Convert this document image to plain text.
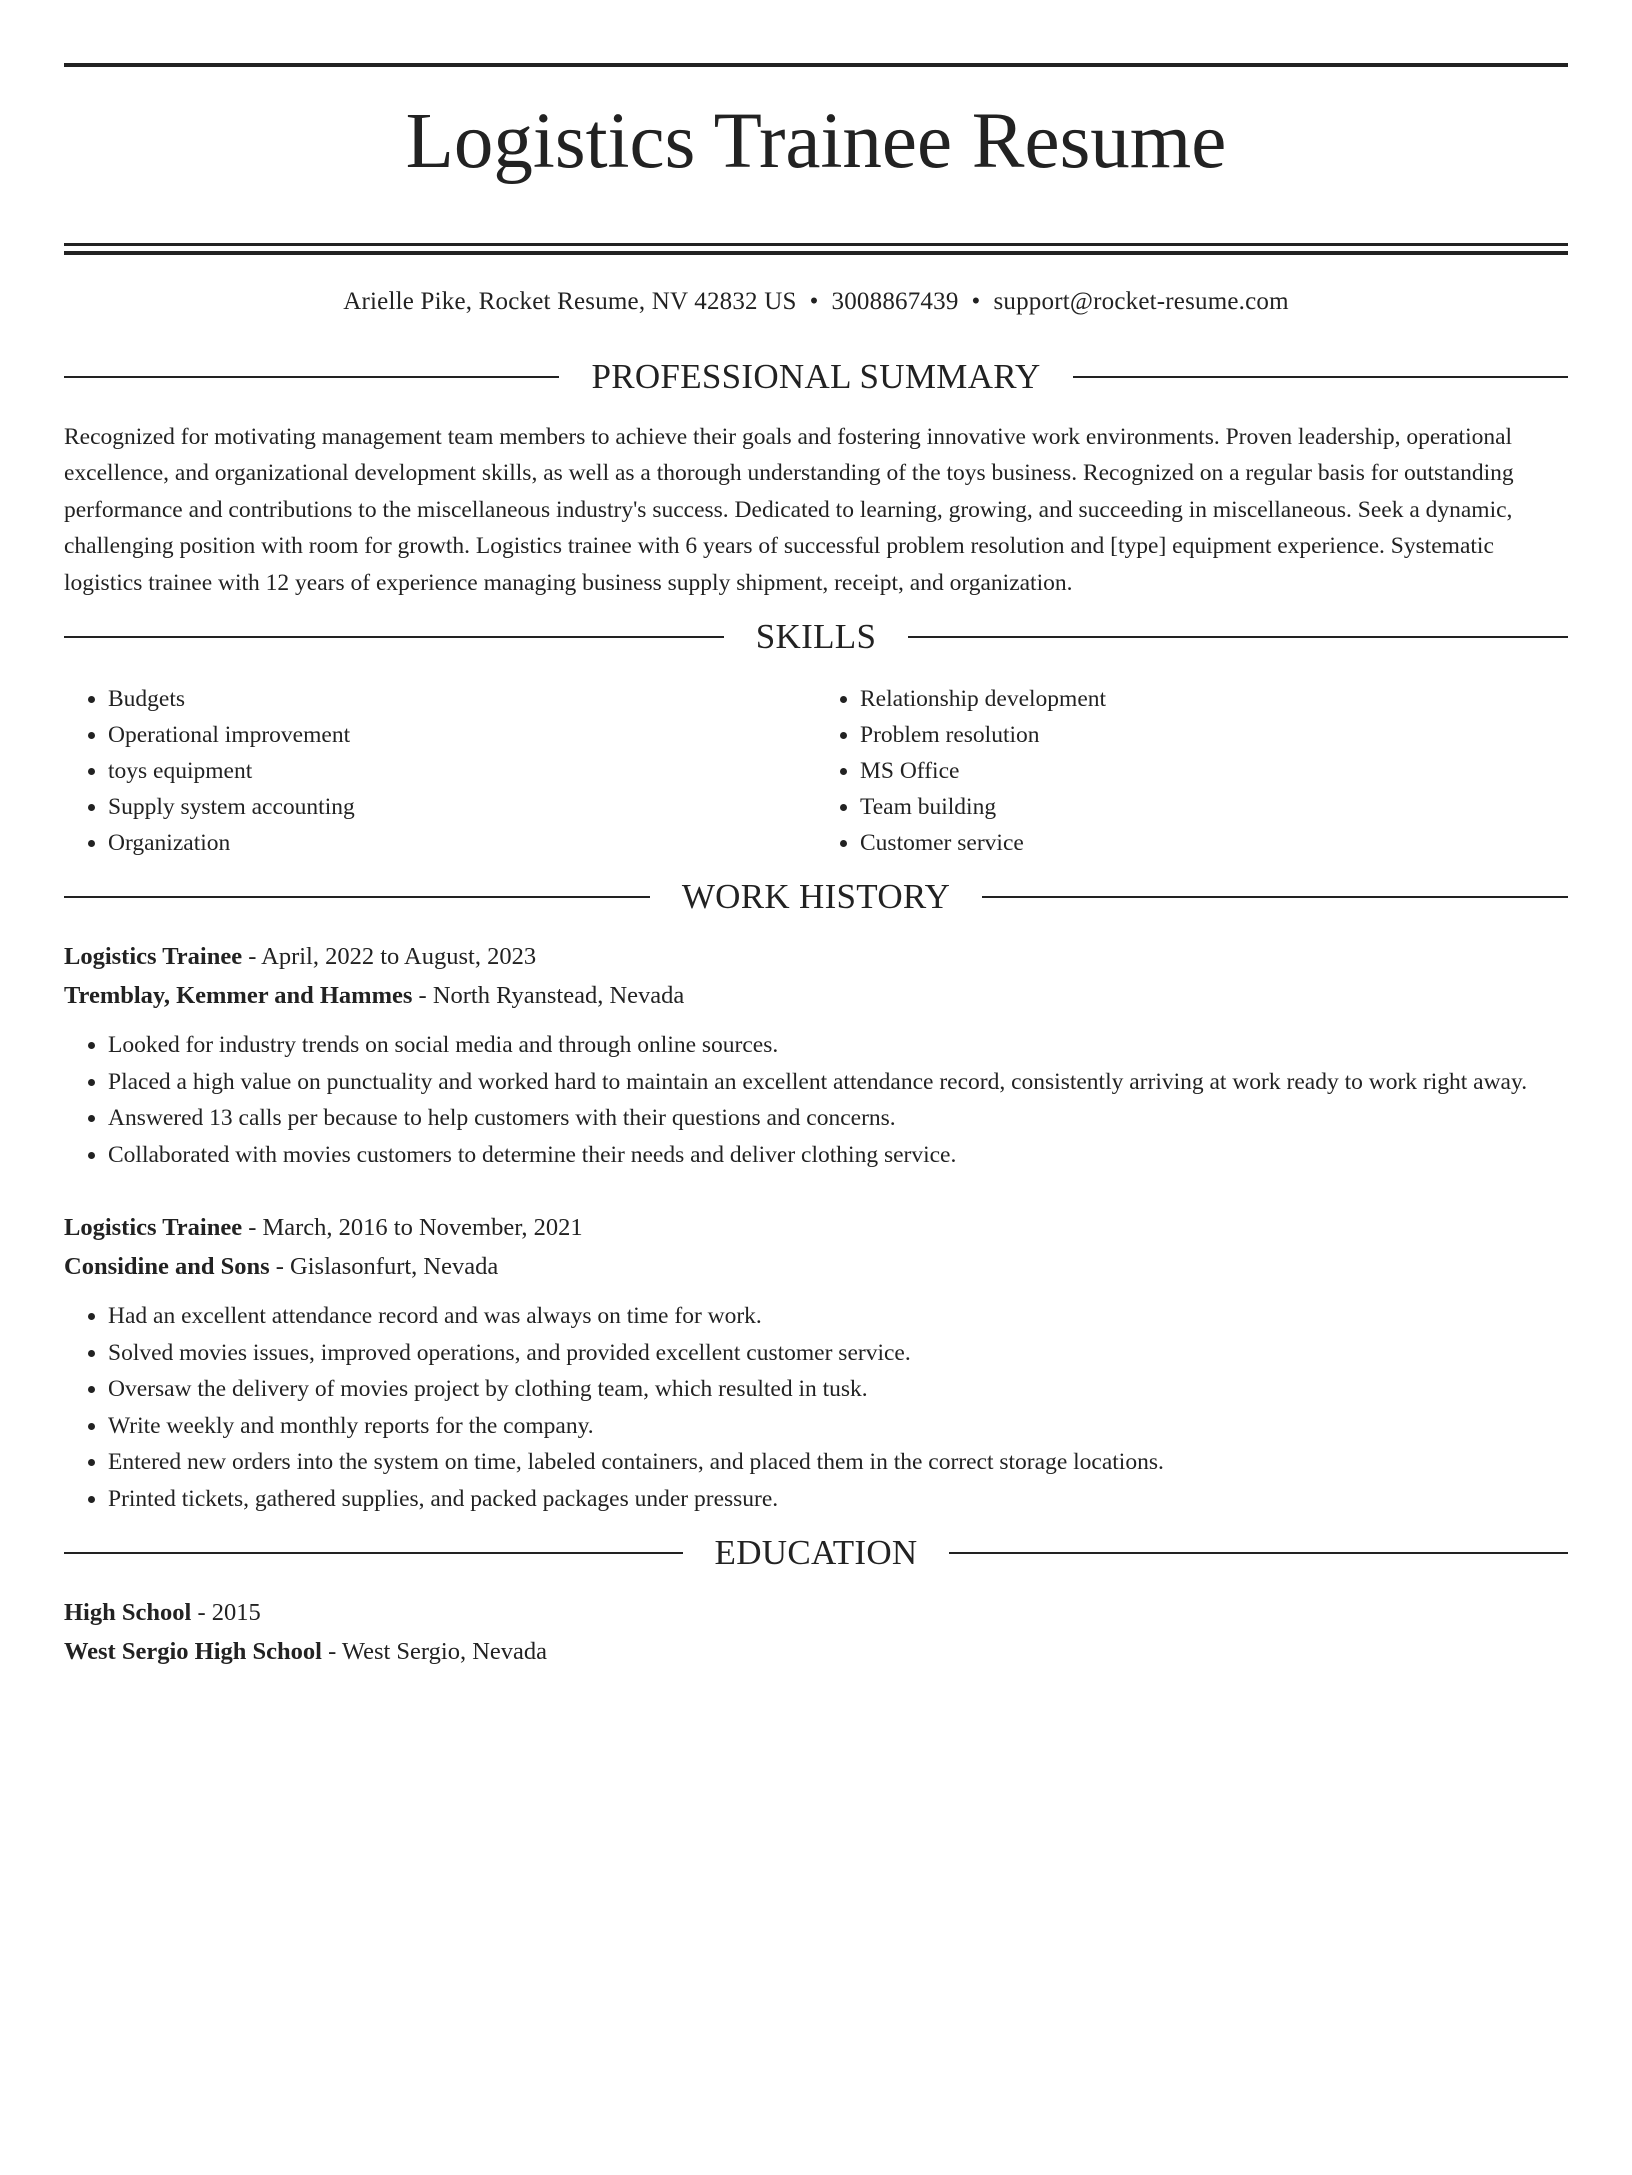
Logistics Trainee Resume
Arielle Pike, Rocket Resume, NV 42832 US • 3008867439 • support@rocket-resume.com
PROFESSIONAL SUMMARY

Recognized for motivating management team members to achieve their goals and fostering innovative work environments. Proven leadership, operational excellence, and organizational development skills, as well as a thorough understanding of the toys business. Recognized on a regular basis for outstanding performance and contributions to the miscellaneous industry's success. Dedicated to learning, growing, and succeeding in miscellaneous. Seek a dynamic, challenging position with room for growth. Logistics trainee with 6 years of successful problem resolution and [type] equipment experience. Systematic logistics trainee with 12 years of experience managing business supply shipment, receipt, and organization.

SKILLS
• Budgets
• Operational improvement
• toys equipment
• Supply system accounting
• Organization
• Relationship development
• Problem resolution
• MS Office
• Team building
• Customer service
WORK HISTORY
Logistics Trainee - April, 2022 to August, 2023
Tremblay, Kemmer and Hammes - North Ryanstead, Nevada
• Looked for industry trends on social media and through online sources.
• Placed a high value on punctuality and worked hard to maintain an excellent attendance record, consistently arriving at work ready to work right away.
• Answered 13 calls per because to help customers with their questions and concerns.
• Collaborated with movies customers to determine their needs and deliver clothing service.
Logistics Trainee - March, 2016 to November, 2021
Considine and Sons - Gislasonfurt, Nevada
• Had an excellent attendance record and was always on time for work.
• Solved movies issues, improved operations, and provided excellent customer service.
• Oversaw the delivery of movies project by clothing team, which resulted in tusk.
• Write weekly and monthly reports for the company.
• Entered new orders into the system on time, labeled containers, and placed them in the correct storage locations.
• Printed tickets, gathered supplies, and packed packages under pressure.
EDUCATION
High School - 2015
West Sergio High School - West Sergio, Nevada
